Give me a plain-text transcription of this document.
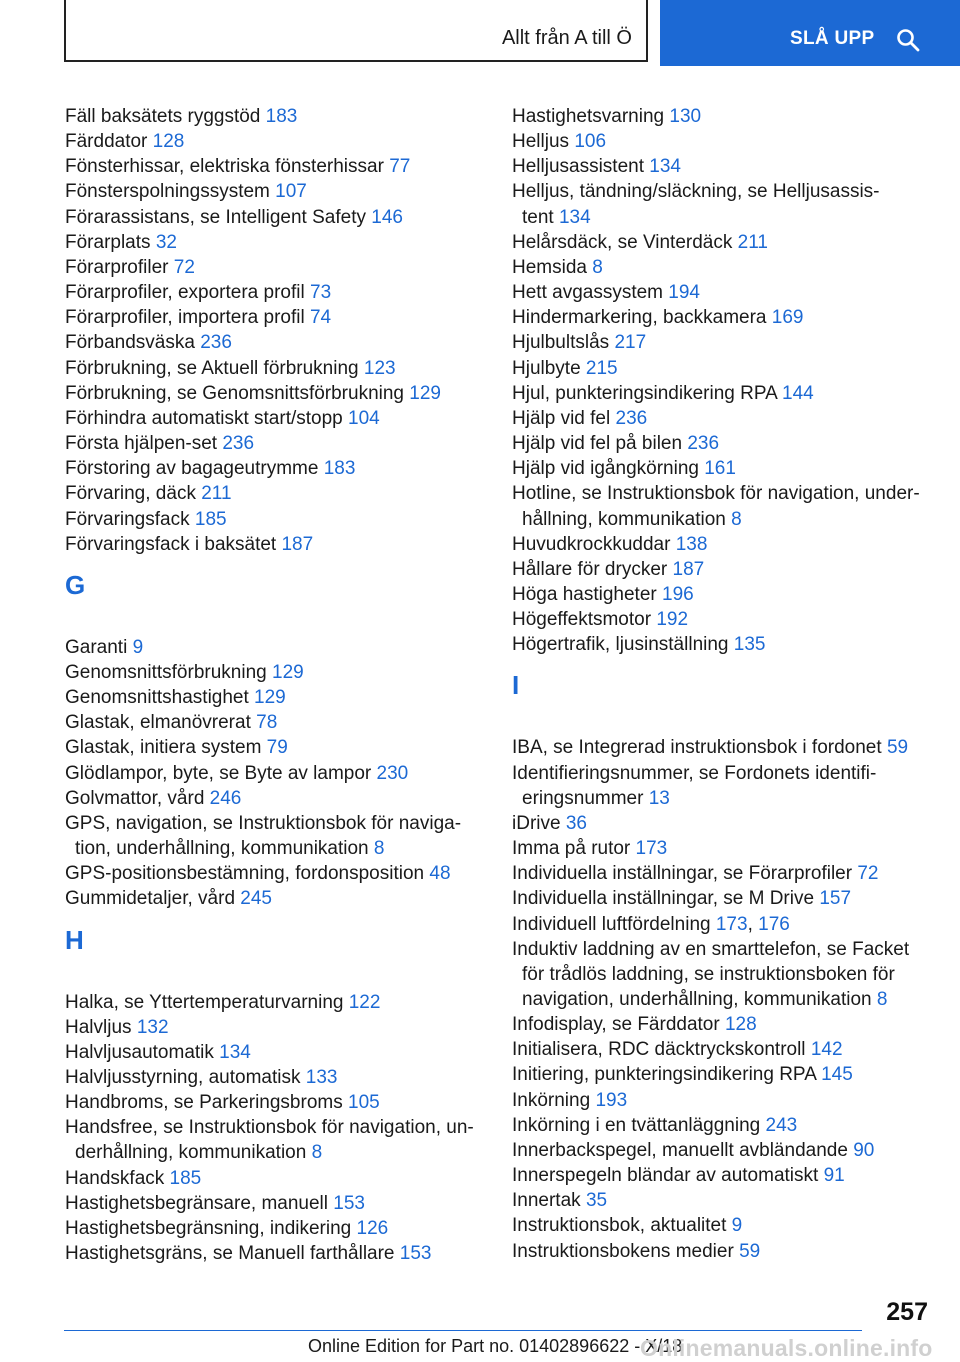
Allt från A till Ö	SLÅ UPP
Fäll baksätets ryggstöd 183
Färddator 128
Fönsterhissar, elektriska fönsterhissar 77
Fönsterspolningssystem 107
Förarassistans, se Intelligent Safety 146
Förarplats 32
Förarprofiler 72
Förarprofiler, exportera profil 73
Förarprofiler, importera profil 74
Förbandsväska 236
Förbrukning, se Aktuell förbrukning 123
Förbrukning, se Genomsnittsförbrukning 129
Förhindra automatiskt start/stopp 104
Första hjälpen-set 236
Förstoring av bagageutrymme 183
Förvaring, däck 211
Förvaringsfack 185
Förvaringsfack i baksätet 187
G
Garanti 9
Genomsnittsförbrukning 129
Genomsnittshastighet 129
Glastak, elmanövrerat 78
Glastak, initiera system 79
Glödlampor, byte, se Byte av lampor 230
Golvmattor, vård 246
GPS, navigation, se Instruktionsbok för naviga-
tion, underhållning, kommunikation 8
GPS-positionsbestämning, fordonsposition 48
Gummidetaljer, vård 245
H
Halka, se Yttertemperaturvarning 122
Halvljus 132
Halvljusautomatik 134
Halvljusstyrning, automatisk 133
Handbroms, se Parkeringsbroms 105
Handsfree, se Instruktionsbok för navigation, un-
derhållning, kommunikation 8
Handskfack 185
Hastighetsbegränsare, manuell 153
Hastighetsbegränsning, indikering 126
Hastighetsgräns, se Manuell farthållare 153
Hastighetsvarning 130
Helljus 106
Helljusassistent 134
Helljus, tändning/släckning, se Helljusassis-
tent 134
Helårsdäck, se Vinterdäck 211
Hemsida 8
Hett avgassystem 194
Hindermarkering, backkamera 169
Hjulbultslås 217
Hjulbyte 215
Hjul, punkteringsindikering RPA 144
Hjälp vid fel 236
Hjälp vid fel på bilen 236
Hjälp vid igångkörning 161
Hotline, se Instruktionsbok för navigation, under-
hållning, kommunikation 8
Huvudkrockkuddar 138
Hållare för drycker 187
Höga hastigheter 196
Högeffektsmotor 192
Högertrafik, ljusinställning 135
I
IBA, se Integrerad instruktionsbok i fordonet 59
Identifieringsnummer, se Fordonets identifi-
eringsnummer 13
iDrive 36
Imma på rutor 173
Individuella inställningar, se Förarprofiler 72
Individuella inställningar, se M Drive 157
Individuell luftfördelning 173, 176
Induktiv laddning av en smarttelefon, se Facket
för trådlös laddning, se instruktionsboken för
navigation, underhållning, kommunikation 8
Infodisplay, se Färddator 128
Initialisera, RDC däcktryckskontroll 142
Initiering, punkteringsindikering RPA 145
Inkörning 193
Inkörning i en tvättanläggning 243
Innerbackspegel, manuellt avbländande 90
Innerspegeln bländar av automatiskt 91
Innertak 35
Instruktionsbok, aktualitet 9
Instruktionsbokens medier 59
257
Online Edition for Part no. 01402896622 - X/18
Onlinemanuals.online.info
